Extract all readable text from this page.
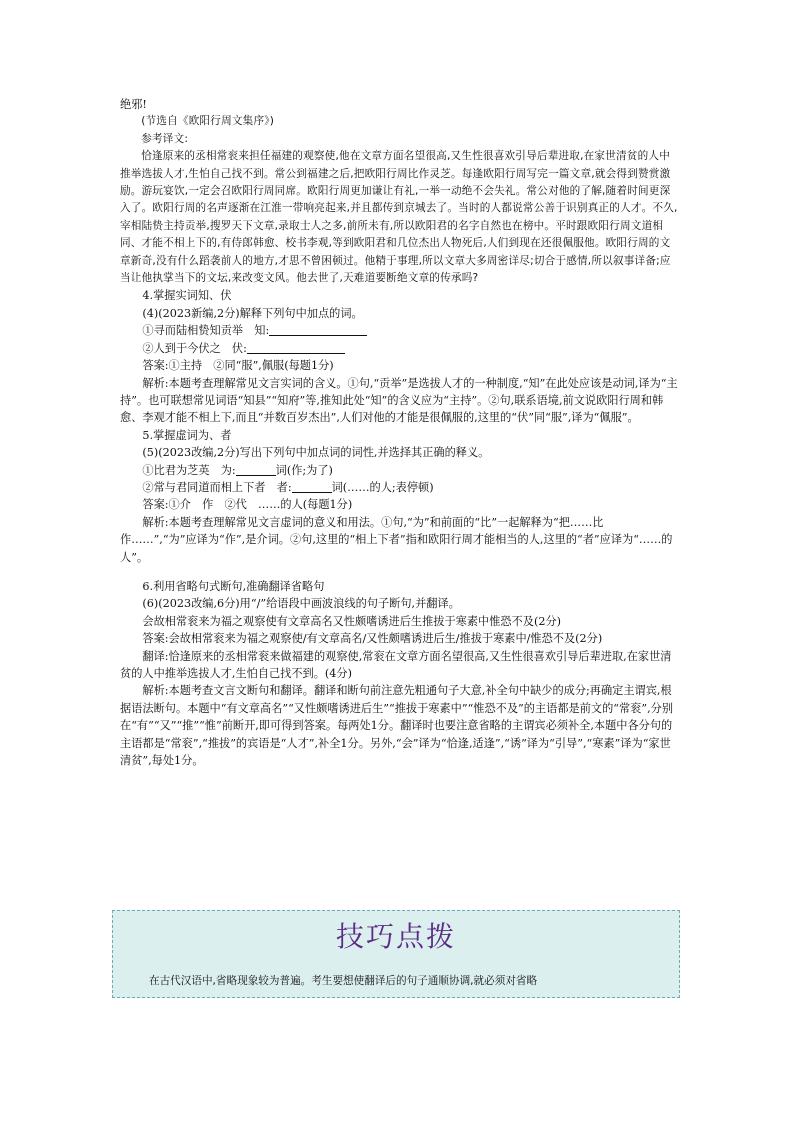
绝邪!

(节选自《欧阳行周文集序》)

参考译文:

恰逢原来的丞相常衮来担任福建的观察使,他在文章方面名望很高,又生性很喜欢引导后辈进取,在家世清贫的人中推举选拔人才,生怕自己找不到。常公到福建之后,把欧阳行周比作灵芝。每逢欧阳行周写完一篇文章,就会得到赞赏激励。游玩宴饮,一定会召欧阳行周同席。欧阳行周更加谦让有礼,一举一动绝不会失礼。常公对他的了解,随着时间更深入了。欧阳行周的名声逐渐在江淮一带响亮起来,并且都传到京城去了。当时的人都说常公善于识别真正的人才。不久,宰相陆贽主持贡举,搜罗天下文章,录取士人之多,前所未有,所以欧阳君的名字自然也在榜中。平时跟欧阳行周文道相同、才能不相上下的,有侍郎韩愈、校书李观,等到欧阳君和几位杰出人物死后,人们到现在还很佩服他。欧阳行周的文章新奇,没有什么蹈袭前人的地方,才思不曾困顿过。他精于事理,所以文章大多周密详尽;切合于感情,所以叙事详备;应当让他执掌当下的文坛,来改变文风。他去世了,天难道要断绝文章的传承吗?

4.掌握实词知、伏

(4)(2023新编,2分)解释下列句中加点的词。

①寻而陆相贽知贡举　知:

②人到于今伏之　伏:

答案:①主持　②同“服”,佩服(每题1分)

解析:本题考查理解常见文言实词的含义。①句,“贡举”是选拔人才的一种制度,“知”在此处应该是动词,译为“主持”。也可联想常见词语“知县”“知府”等,推知此处“知”的含义应为“主持”。②句,联系语境,前文说欧阳行周和韩愈、李观才能不相上下,而且“并数百岁杰出”,人们对他的才能是很佩服的,这里的“伏”同“服”,译为“佩服”。

5.掌握虚词为、者

(5)(2023改编,2分)写出下列句中加点词的词性,并选择其正确的释义。

①比君为芝英　为:	词(作;为了)

②常与君同道而相上下者　者:	词(……的人;表停顿)

答案:①介　作　②代　……的人(每题1分)

解析:本题考查理解常见文言虚词的意义和用法。①句,“为”和前面的“比”一起解释为“把……比作……”,“为”应译为“作”,是介词。②句,这里的“相上下者”指和欧阳行周才能相当的人,这里的“者”应译为“……的人”。

6.利用省略句式断句,准确翻译省略句

(6)(2023改编,6分)用“/”给语段中画波浪线的句子断句,并翻译。

会故相常衮来为福之观察使有文章高名又性颇嗜诱进后生推拔于寒素中惟恐不及(2分)

答案:会故相常衮来为福之观察使/有文章高名/又性颇嗜诱进后生/推拔于寒素中/惟恐不及(2分)

翻译:恰逢原来的丞相常衮来做福建的观察使,常衮在文章方面名望很高,又生性很喜欢引导后辈进取,在家世清贫的人中推举选拔人才,生怕自己找不到。(4分)

解析:本题考查文言文断句和翻译。翻译和断句前注意先粗通句子大意,补全句中缺少的成分;再确定主谓宾,根据语法断句。本题中“有文章高名”“又性颇嗜诱进后生”“推拔于寒素中”“惟恐不及”的主语都是前文的“常衮”,分别在“有”“又”“推”“惟”前断开,即可得到答案。每两处1分。翻译时也要注意省略的主谓宾必须补全,本题中各分句的主语都是“常衮”,“推拔”的宾语是“人才”,补全1分。另外,“会”译为“恰逢,适逢”,“诱”译为“引导”,“寒素”译为“家世清贫”,每处1分。

技巧点拨
在古代汉语中,省略现象较为普遍。考生要想使翻译后的句子通顺协调,就必须对省略
